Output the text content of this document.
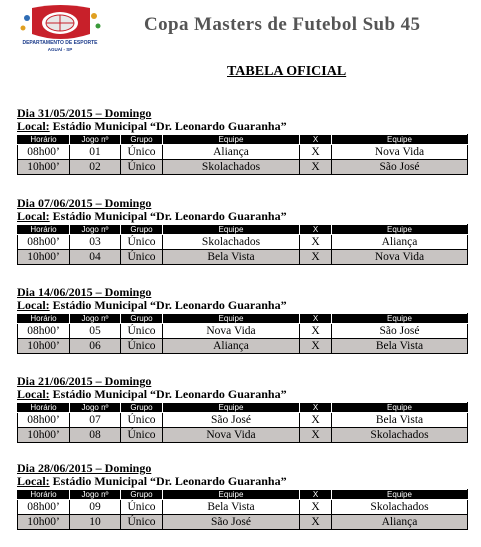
DEPARTAMENTO DE ESPORTE
AGUAÍ - SP
Copa Masters de Futebol Sub 45
TABELA OFICIAL
Dia 31/05/2015 – Domingo
Local: Estádio Municipal “Dr. Leonardo Guaranha”
Horário	Jogo nº	Grupo	Equipe	X	Equipe
08h00’	01	Único	Aliança	X	Nova Vida
10h00’	02	Único	Skolachados	X	São José
Dia 07/06/2015 – Domingo
Local: Estádio Municipal “Dr. Leonardo Guaranha”
Horário	Jogo nº	Grupo	Equipe	X	Equipe
08h00’	03	Único	Skolachados	X	Aliança
10h00’	04	Único	Bela Vista	X	Nova Vida
Dia 14/06/2015 – Domingo
Local: Estádio Municipal “Dr. Leonardo Guaranha”
Horário	Jogo nº	Grupo	Equipe	X	Equipe
08h00’	05	Único	Nova Vida	X	São José
10h00’	06	Único	Aliança	X	Bela Vista
Dia 21/06/2015 – Domingo
Local: Estádio Municipal “Dr. Leonardo Guaranha”
Horário	Jogo nº	Grupo	Equipe	X	Equipe
08h00’	07	Único	São José	X	Bela Vista
10h00’	08	Único	Nova Vida	X	Skolachados
Dia 28/06/2015 – Domingo
Local: Estádio Municipal “Dr. Leonardo Guaranha”
Horário	Jogo nº	Grupo	Equipe	X	Equipe
08h00’	09	Único	Bela Vista	X	Skolachados
10h00’	10	Único	São José	X	Aliança
